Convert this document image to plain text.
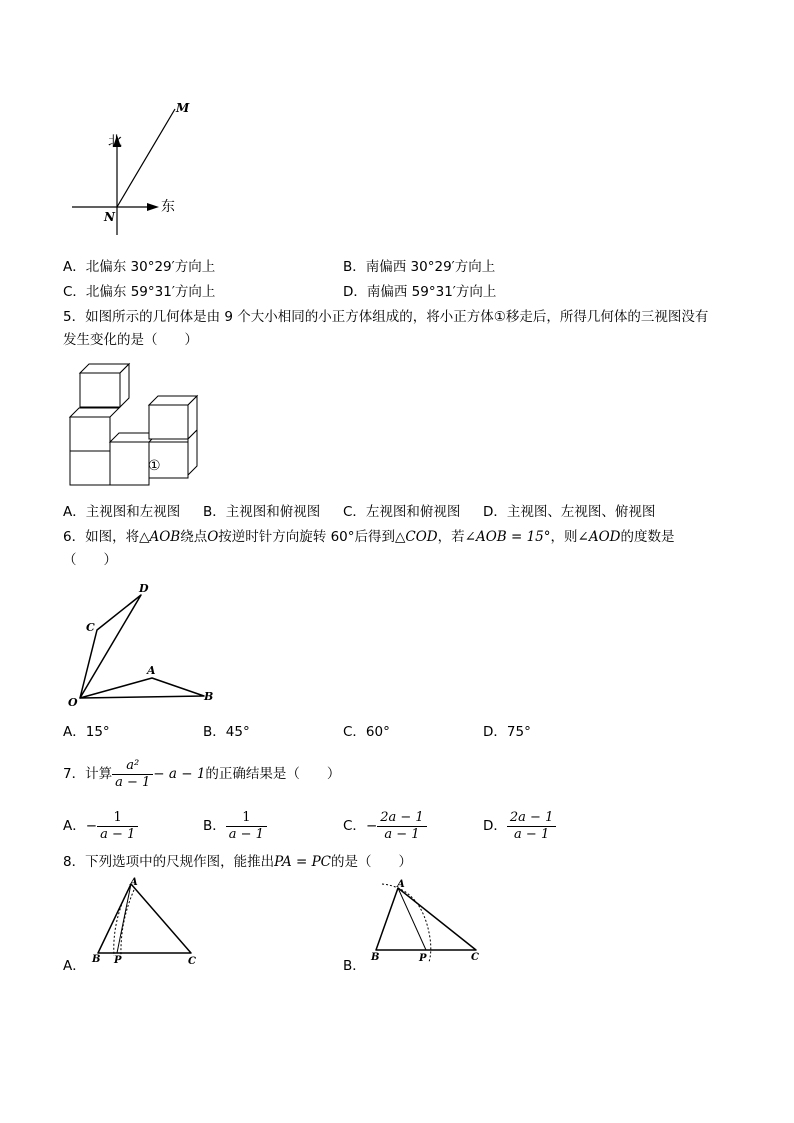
北
东
N
M
A．北偏东 30°29′方向上	B．南偏西 30°29′方向上
C．北偏东 59°31′方向上	D．南偏西 59°31′方向上
5．如图所示的几何体是由 9 个大小相同的小正方体组成的，将小正方体①移走后，所得几何体的三视图没有
发生变化的是（　　）
①
A．主视图和左视图 B．主视图和俯视图 C．左视图和俯视图 D．主视图、左视图、俯视图
6．如图，将△AOB绕点O按逆时针方向旋转 60°后得到△COD，若∠AOB = 15°，则∠AOD的度数是
（　　）
D
C
A
B
O
A．15°	B．45°	C．60°	D．75°
7．计算 $\frac{\text{a²}}{a - 1} - a - 1$的正确结果是（　　）
A．− $\frac{1}{a - 1}$	B． $\frac{1}{a - 1}$	C．− $\frac{2a - 1}{a - 1}$	D． $\frac{2a - 1}{a - 1}$
8．下列选项中的尺规作图，能推出PA = PC的是（　　）
A．
A
B P	C	B．
A
B	P	C
